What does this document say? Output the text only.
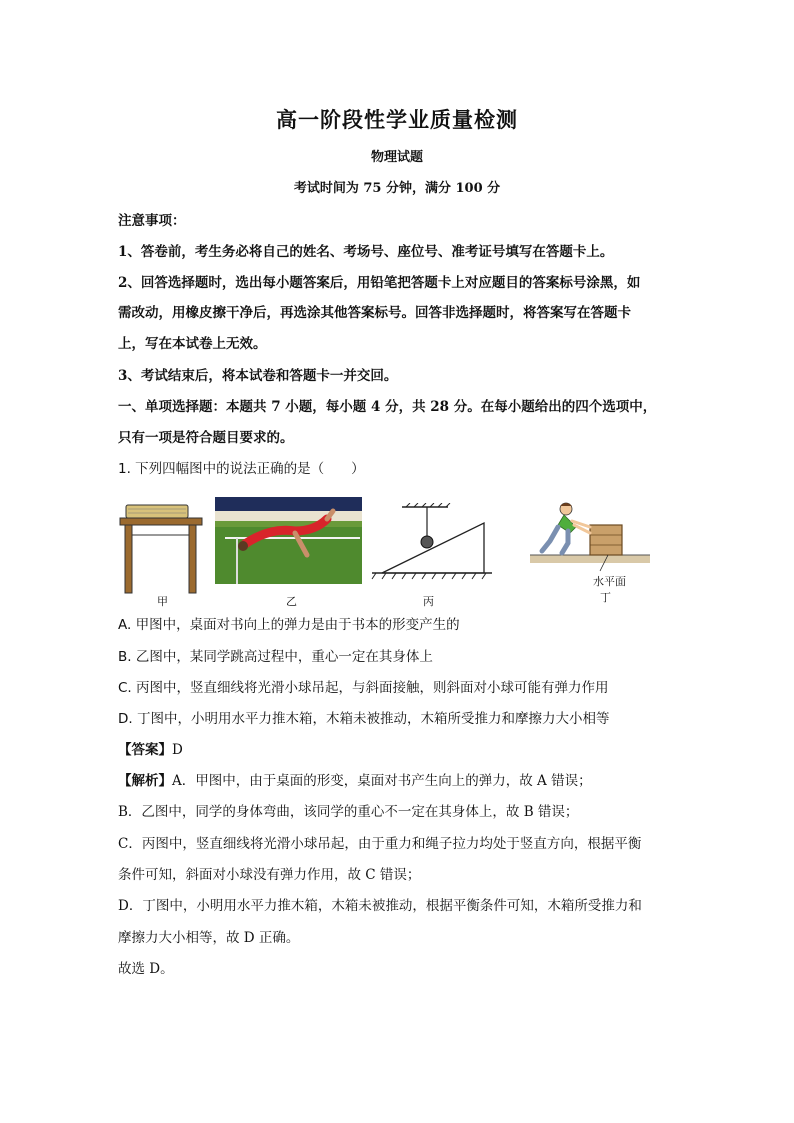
高一阶段性学业质量检测
物理试题
考试时间为 75 分钟，满分 100 分
注意事项：
1、答卷前，考生务必将自己的姓名、考场号、座位号、准考证号填写在答题卡上。
2、回答选择题时，选出每小题答案后，用铅笔把答题卡上对应题目的答案标号涂黑，如
需改动，用橡皮擦干净后，再选涂其他答案标号。回答非选择题时，将答案写在答题卡
上，写在本试卷上无效。
3、考试结束后，将本试卷和答题卡一并交回。
一、单项选择题：本题共 7 小题，每小题 4 分，共 28 分。在每小题给出的四个选项中，
只有一项是符合题目要求的。
1. 下列四幅图中的说法正确的是（　　）
甲	乙	丙
水平面
丁
A. 甲图中，桌面对书向上的弹力是由于书本的形变产生的
B. 乙图中，某同学跳高过程中，重心一定在其身体上
C. 丙图中，竖直细线将光滑小球吊起，与斜面接触，则斜面对小球可能有弹力作用
D. 丁图中，小明用水平力推木箱，木箱未被推动，木箱所受推力和摩擦力大小相等
【答案】D
【解析】A．甲图中，由于桌面的形变，桌面对书产生向上的弹力，故 A 错误；
B．乙图中，同学的身体弯曲，该同学的重心不一定在其身体上，故 B 错误；
C．丙图中，竖直细线将光滑小球吊起，由于重力和绳子拉力均处于竖直方向，根据平衡
条件可知，斜面对小球没有弹力作用，故 C 错误；
D．丁图中，小明用水平力推木箱，木箱未被推动，根据平衡条件可知，木箱所受推力和
摩擦力大小相等，故 D 正确。
故选 D。
